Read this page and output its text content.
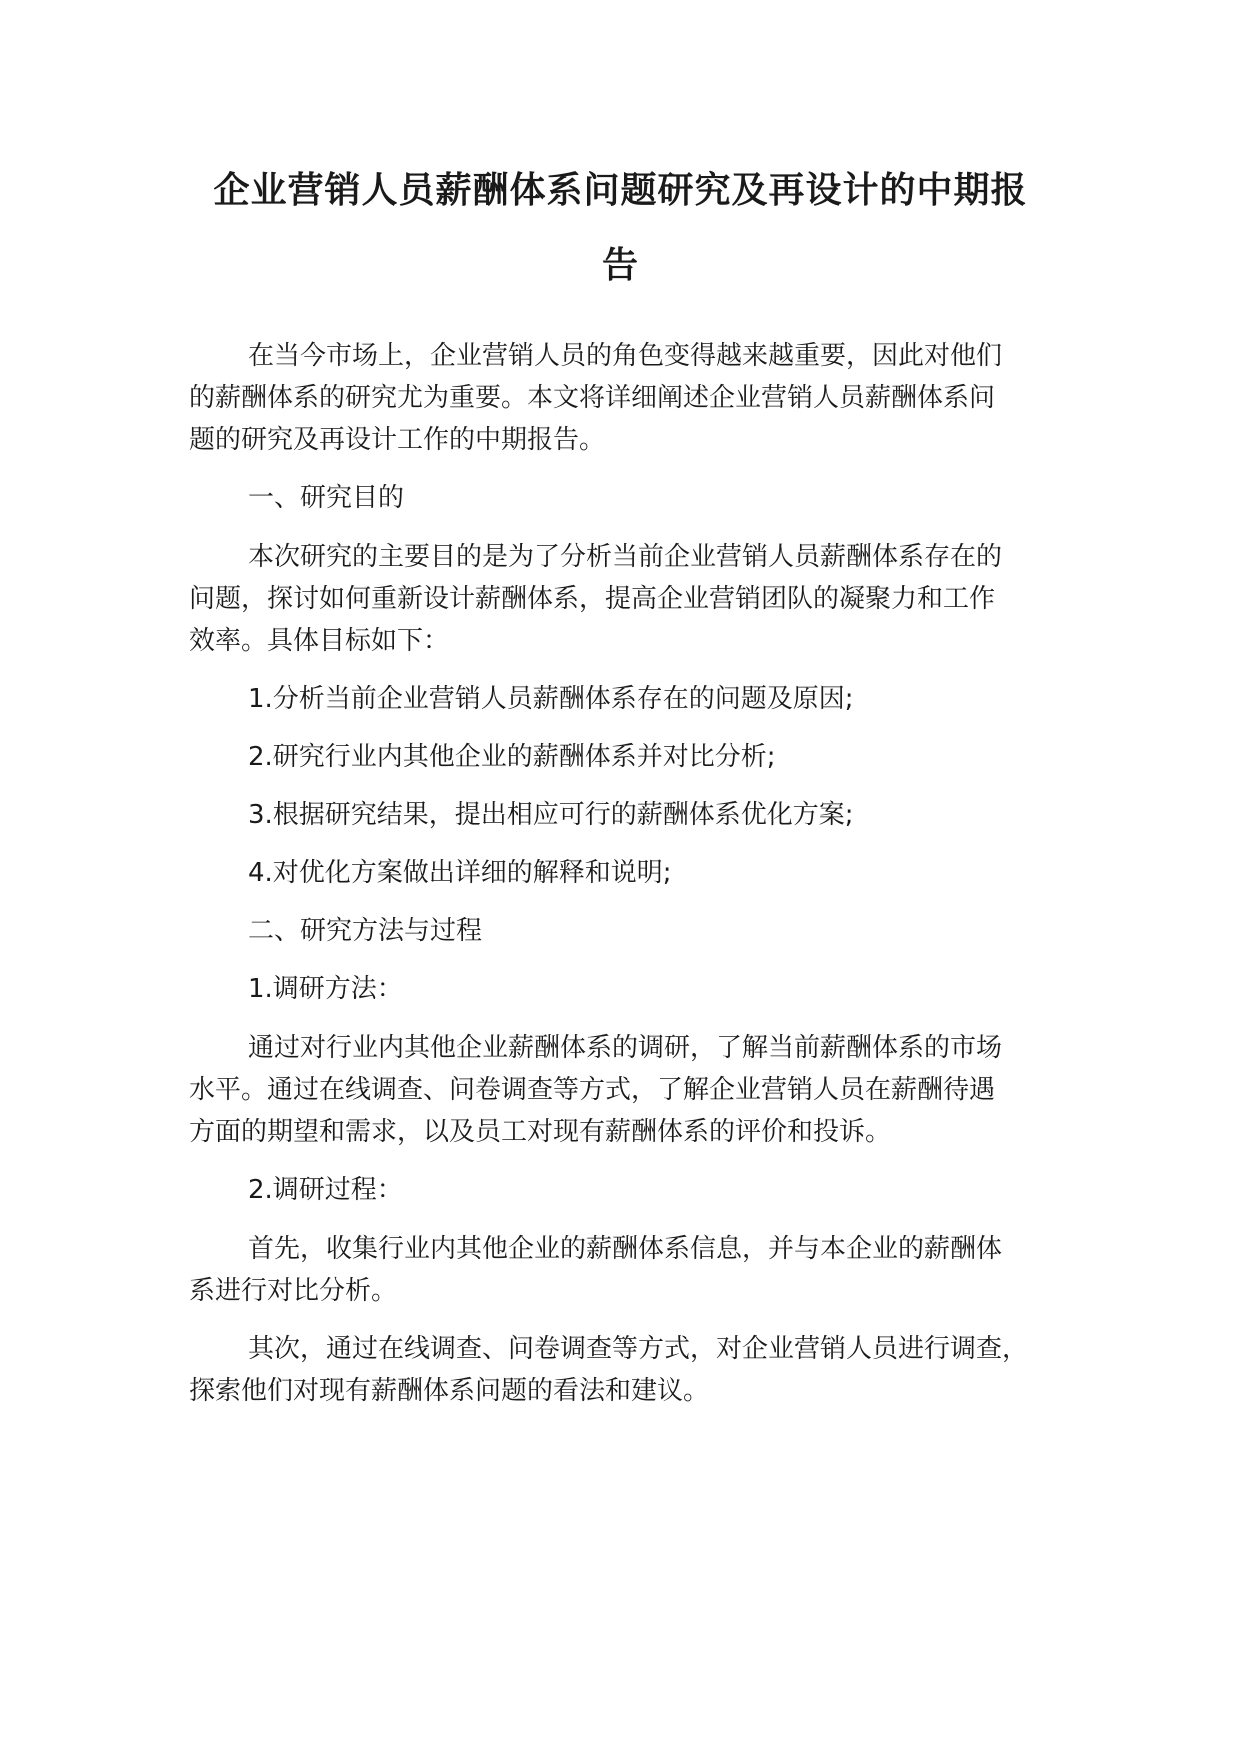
企业营销人员薪酬体系问题研究及再设计的中期报
告
在当今市场上，企业营销人员的角色变得越来越重要，因此对他们
的薪酬体系的研究尤为重要。本文将详细阐述企业营销人员薪酬体系问
题的研究及再设计工作的中期报告。
一、研究目的
本次研究的主要目的是为了分析当前企业营销人员薪酬体系存在的
问题，探讨如何重新设计薪酬体系，提高企业营销团队的凝聚力和工作
效率。具体目标如下：
1.分析当前企业营销人员薪酬体系存在的问题及原因;
2.研究行业内其他企业的薪酬体系并对比分析;
3.根据研究结果，提出相应可行的薪酬体系优化方案;
4.对优化方案做出详细的解释和说明;
二、研究方法与过程
1.调研方法：
通过对行业内其他企业薪酬体系的调研，了解当前薪酬体系的市场
水平。通过在线调查、问卷调查等方式，了解企业营销人员在薪酬待遇
方面的期望和需求，以及员工对现有薪酬体系的评价和投诉。
2.调研过程：
首先，收集行业内其他企业的薪酬体系信息，并与本企业的薪酬体
系进行对比分析。
其次，通过在线调查、问卷调查等方式，对企业营销人员进行调查，
探索他们对现有薪酬体系问题的看法和建议。
